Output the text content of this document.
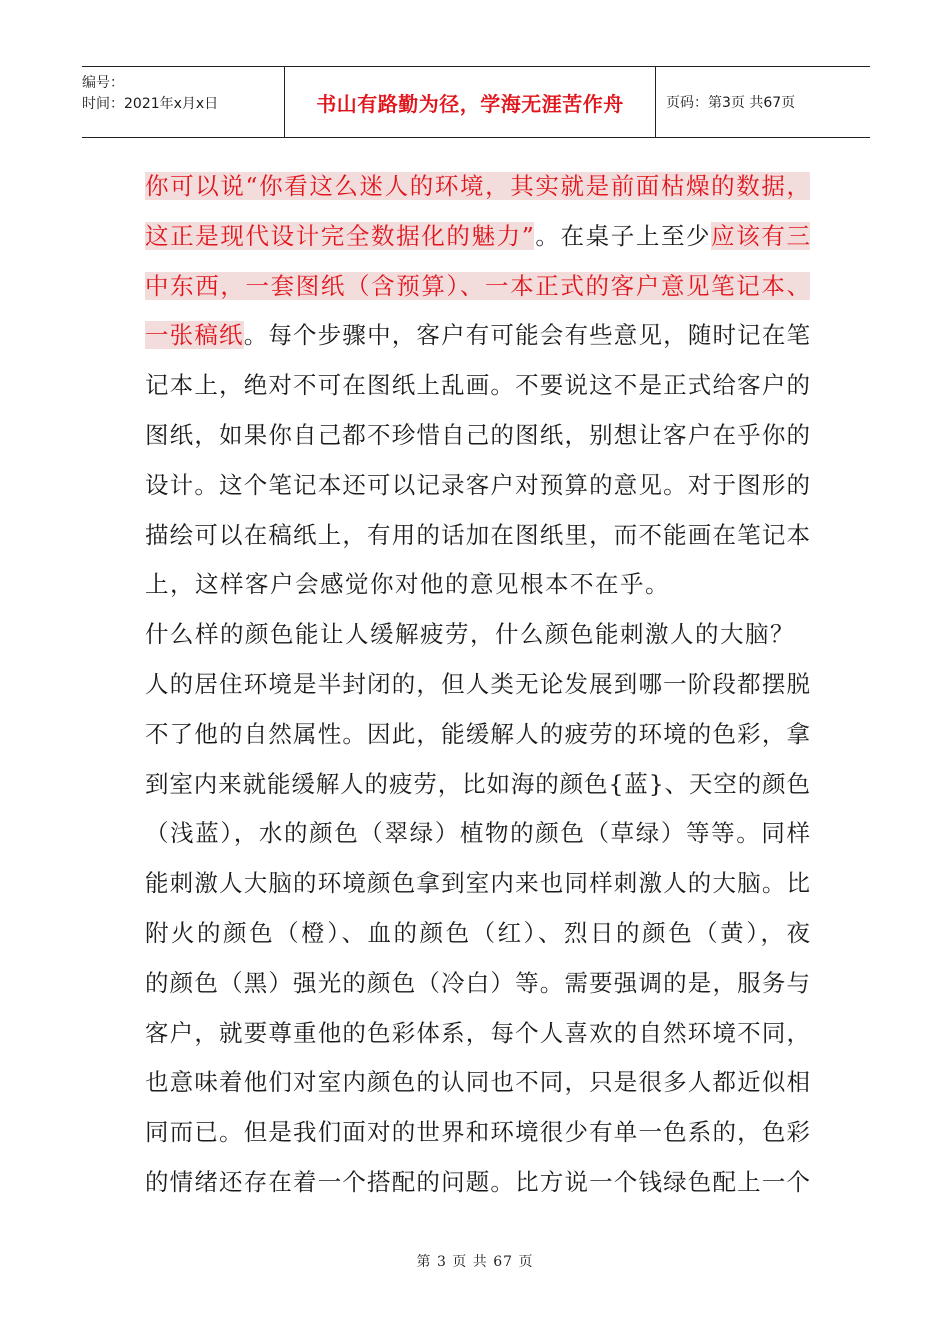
编号：
时间：2021年x月x日	书山有路勤为径，学海无涯苦作舟	页码：第3页 共67页
你可以说“你看这么迷人的环境，其实就是前面枯燥的数据，
这正是现代设计完全数据化的魅力”。在桌子上至少应该有三
中东西，一套图纸（含预算）、一本正式的客户意见笔记本、
一张稿纸。每个步骤中，客户有可能会有些意见，随时记在笔
记本上，绝对不可在图纸上乱画。不要说这不是正式给客户的
图纸，如果你自己都不珍惜自己的图纸，别想让客户在乎你的
设计。这个笔记本还可以记录客户对预算的意见。对于图形的
描绘可以在稿纸上，有用的话加在图纸里，而不能画在笔记本
上，这样客户会感觉你对他的意见根本不在乎。
什么样的颜色能让人缓解疲劳，什么颜色能刺激人的大脑？
人的居住环境是半封闭的，但人类无论发展到哪一阶段都摆脱
不了他的自然属性。因此，能缓解人的疲劳的环境的色彩，拿
到室内来就能缓解人的疲劳，比如海的颜色{蓝}、天空的颜色
（浅蓝），水的颜色（翠绿）植物的颜色（草绿）等等。同样
能刺激人大脑的环境颜色拿到室内来也同样刺激人的大脑。比
附火的颜色（橙）、血的颜色（红）、烈日的颜色（黄），夜
的颜色（黑）强光的颜色（冷白）等。需要强调的是，服务与
客户，就要尊重他的色彩体系，每个人喜欢的自然环境不同，
也意味着他们对室内颜色的认同也不同，只是很多人都近似相
同而已。但是我们面对的世界和环境很少有单一色系的，色彩
的情绪还存在着一个搭配的问题。比方说一个钱绿色配上一个
第 3 页 共 67 页
